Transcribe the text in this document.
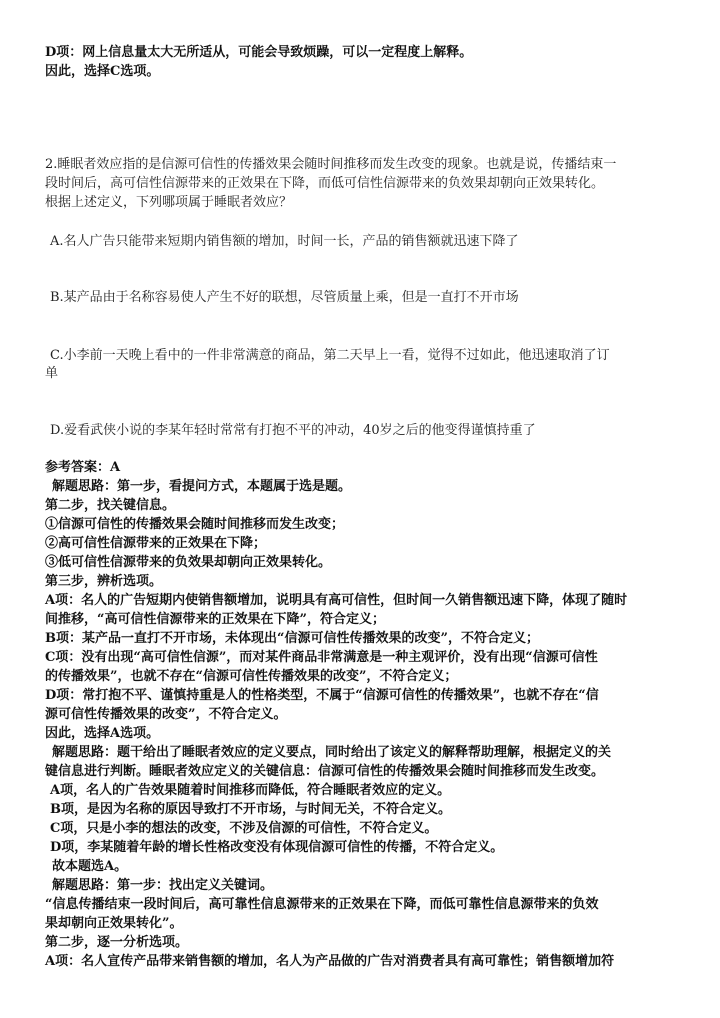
D项：网上信息量太大无所适从，可能会导致烦躁，可以一定程度上解释。
因此，选择C选项。
2.睡眠者效应指的是信源可信性的传播效果会随时间推移而发生改变的现象。也就是说，传播结束一
段时间后，高可信性信源带来的正效果在下降，而低可信性信源带来的负效果却朝向正效果转化。
根据上述定义，下列哪项属于睡眠者效应？
A.名人广告只能带来短期内销售额的增加，时间一长，产品的销售额就迅速下降了
B.某产品由于名称容易使人产生不好的联想，尽管质量上乘，但是一直打不开市场
C.小李前一天晚上看中的一件非常满意的商品，第二天早上一看，觉得不过如此，他迅速取消了订
单
D.爱看武侠小说的李某年轻时常常有打抱不平的冲动，40岁之后的他变得谨慎持重了
参考答案：A
解题思路：第一步，看提问方式，本题属于选是题。
第二步，找关键信息。
①信源可信性的传播效果会随时间推移而发生改变；
②高可信性信源带来的正效果在下降；
③低可信性信源带来的负效果却朝向正效果转化。
第三步，辨析选项。
A项：名人的广告短期内使销售额增加，说明具有高可信性，但时间一久销售额迅速下降，体现了随时
间推移，“高可信性信源带来的正效果在下降”，符合定义；
B项：某产品一直打不开市场，未体现出“信源可信性传播效果的改变”，不符合定义；
C项：没有出现“高可信性信源”，而对某件商品非常满意是一种主观评价，没有出现“信源可信性
的传播效果”，也就不存在“信源可信性传播效果的改变”，不符合定义；
D项：常打抱不平、谨慎持重是人的性格类型，不属于“信源可信性的传播效果”，也就不存在“信
源可信性传播效果的改变”，不符合定义。
因此，选择A选项。
解题思路：题干给出了睡眠者效应的定义要点，同时给出了该定义的解释帮助理解，根据定义的关
键信息进行判断。睡眠者效应定义的关键信息：信源可信性的传播效果会随时间推移而发生改变。
A项，名人的广告效果随着时间推移而降低，符合睡眠者效应的定义。
B项，是因为名称的原因导致打不开市场，与时间无关，不符合定义。
C项，只是小李的想法的改变，不涉及信源的可信性，不符合定义。
D项，李某随着年龄的增长性格改变没有体现信源可信性的传播，不符合定义。
故本题选A。
解题思路：第一步：找出定义关键词。
“信息传播结束一段时间后，高可靠性信息源带来的正效果在下降，而低可靠性信息源带来的负效
果却朝向正效果转化”。
第二步，逐一分析选项。
A项：名人宣传产品带来销售额的增加，名人为产品做的广告对消费者具有高可靠性；销售额增加符
